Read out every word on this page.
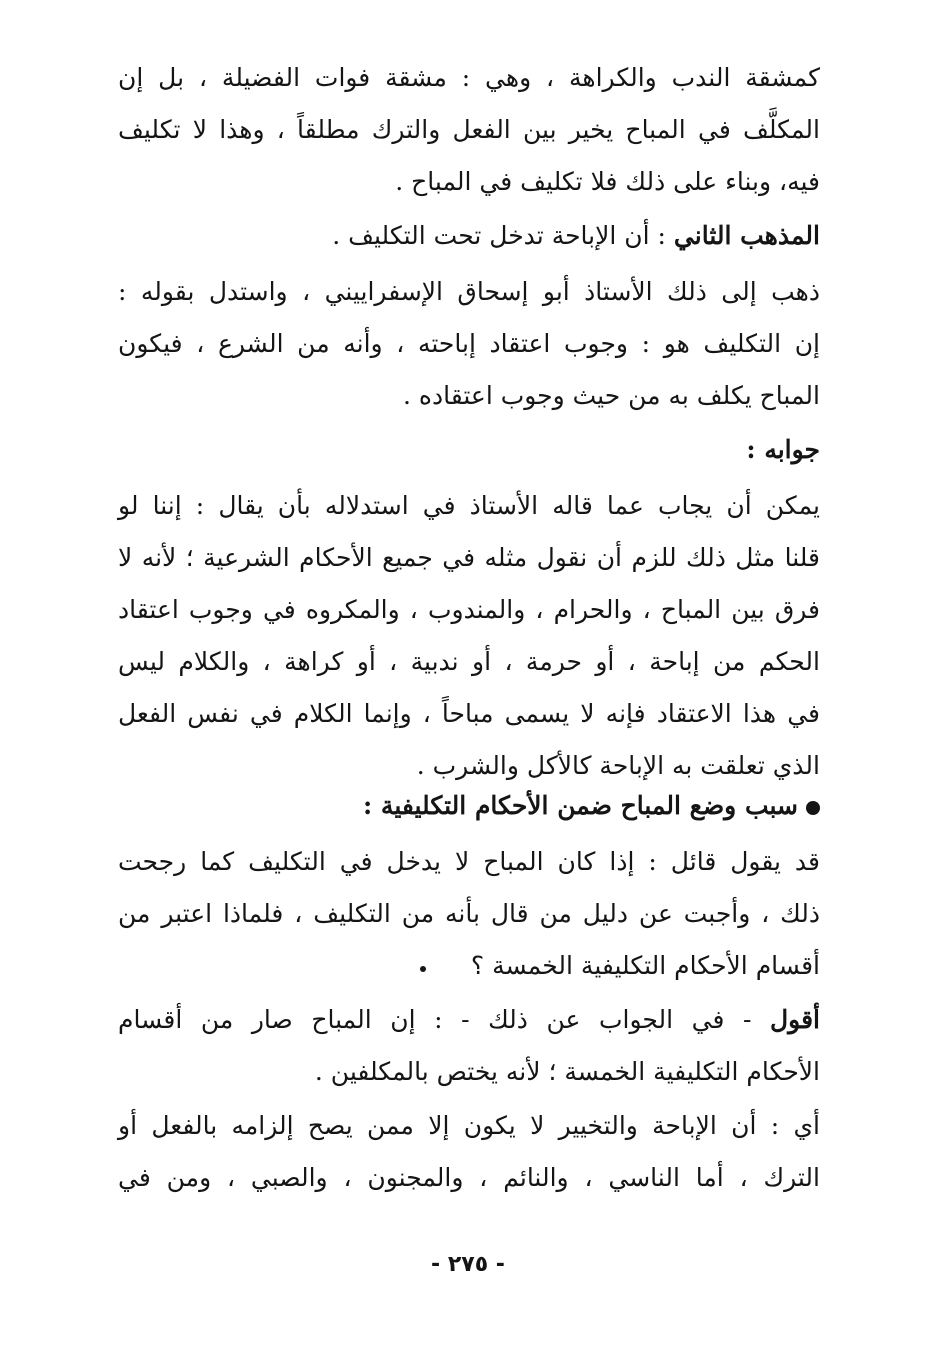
كمشقة الندب والكراهة ، وهي : مشقة فوات الفضيلة ، بل إن
المكلَّف في المباح يخير بين الفعل والترك مطلقاً ، وهذا لا تكليف
فيه، وبناء على ذلك فلا تكليف في المباح .
المذهب الثاني : أن الإباحة تدخل تحت التكليف .
ذهب إلى ذلك الأستاذ أبو إسحاق الإسفراييني ، واستدل بقوله :
إن التكليف هو : وجوب اعتقاد إباحته ، وأنه من الشرع ، فيكون
المباح يكلف به من حيث وجوب اعتقاده .
جوابه :
يمكن أن يجاب عما قاله الأستاذ في استدلاله بأن يقال : إننا لو
قلنا مثل ذلك للزم أن نقول مثله في جميع الأحكام الشرعية ؛ لأنه لا
فرق بين المباح ، والحرام ، والمندوب ، والمكروه في وجوب اعتقاد
الحكم من إباحة ، أو حرمة ، أو ندبية ، أو كراهة ، والكلام ليس
في هذا الاعتقاد فإنه لا يسمى مباحاً ، وإنما الكلام في نفس الفعل
الذي تعلقت به الإباحة كالأكل والشرب .
سبب وضع المباح ضمن الأحكام التكليفية :
قد يقول قائل : إذا كان المباح لا يدخل في التكليف كما رجحت
ذلك ، وأجبت عن دليل من قال بأنه من التكليف ، فلماذا اعتبر من
أقسام الأحكام التكليفية الخمسة ؟
أقول - في الجواب عن ذلك - : إن المباح صار من أقسام
الأحكام التكليفية الخمسة ؛ لأنه يختص بالمكلفين .
أي : أن الإباحة والتخيير لا يكون إلا ممن يصح إلزامه بالفعل أو
الترك ، أما الناسي ، والنائم ، والمجنون ، والصبي ، ومن في
- ٢٧٥ -
